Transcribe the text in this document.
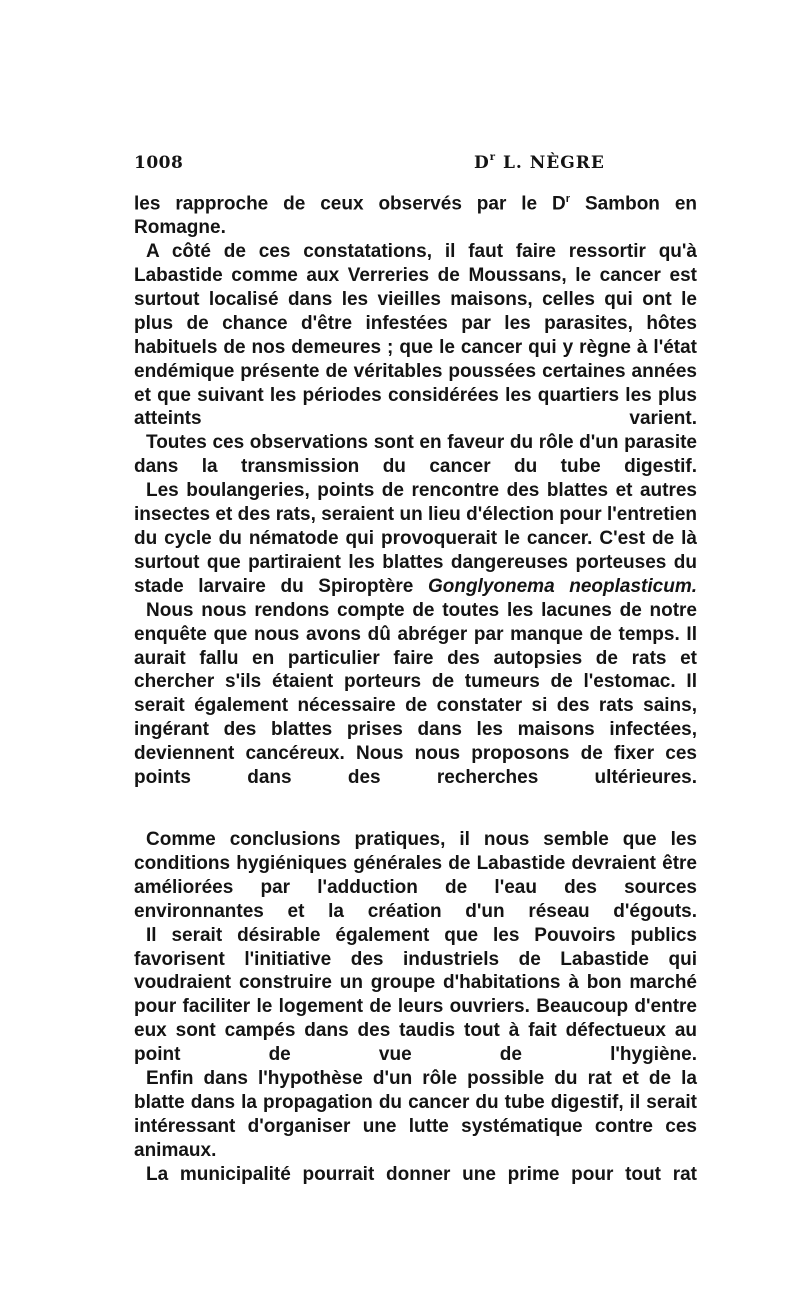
1008	$D^r$ L. NÈGRE

les rapproche de ceux observés par le $D^r$ Sambon en Romagne.

A côté de ces constatations, il faut faire ressortir qu'à Labastide comme aux Verreries de Moussans, le cancer est surtout localisé dans les vieilles maisons, celles qui ont le plus de chance d'être infestées par les parasites, hôtes habituels de nos demeures ; que le cancer qui y règne à l'état endémique présente de véritables poussées certaines années et que suivant les périodes considérées les quartiers les plus atteints varient.

Toutes ces observations sont en faveur du rôle d'un parasite dans la transmission du cancer du tube digestif.

Les boulangeries, points de rencontre des blattes et autres insectes et des rats, seraient un lieu d'élection pour l'entretien du cycle du nématode qui provoquerait le cancer. C'est de là surtout que partiraient les blattes dangereuses porteuses du stade larvaire du Spiroptère Gonglyonema neoplasticum.

Nous nous rendons compte de toutes les lacunes de notre enquête que nous avons dû abréger par manque de temps. Il aurait fallu en particulier faire des autopsies de rats et chercher s'ils étaient porteurs de tumeurs de l'estomac. Il serait également nécessaire de constater si des rats sains, ingérant des blattes prises dans les maisons infectées, deviennent cancéreux. Nous nous proposons de fixer ces points dans des recherches ultérieures.

Comme conclusions pratiques, il nous semble que les conditions hygiéniques générales de Labastide devraient être améliorées par l'adduction de l'eau des sources environnantes et la création d'un réseau d'égouts.

Il serait désirable également que les Pouvoirs publics favorisent l'initiative des industriels de Labastide qui voudraient construire un groupe d'habitations à bon marché pour faciliter le logement de leurs ouvriers. Beaucoup d'entre eux sont campés dans des taudis tout à fait défectueux au point de vue de l'hygiène.

Enfin dans l'hypothèse d'un rôle possible du rat et de la blatte dans la propagation du cancer du tube digestif, il serait intéressant d'organiser une lutte systématique contre ces animaux.

La municipalité pourrait donner une prime pour tout rat
